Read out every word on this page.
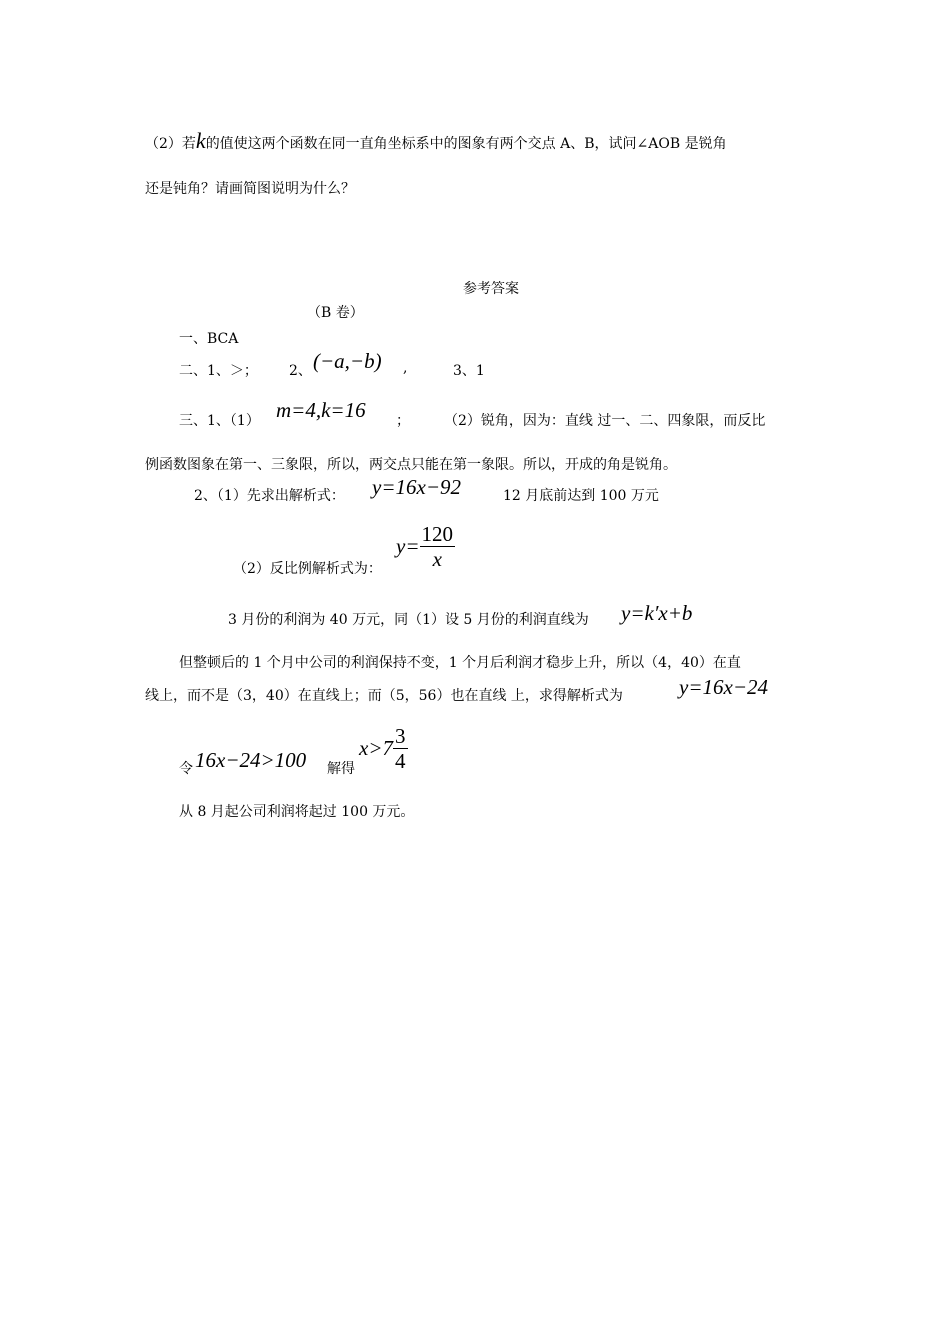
（2）若k的值使这两个函数在同一直角坐标系中的图象有两个交点 A、B，试问∠AOB 是锐角
还是钝角？请画简图说明为什么？
参考答案
（B 卷）
一、BCA
二、1、＞； 2、 (−a,−b) ,	3、1
三、1、（1） m=4,k=16 ； （2）锐角，因为：直线 过一、二、四象限，而反比
例函数图象在第一、三象限，所以，两交点只能在第一象限。所以，开成的角是锐角。
2、（1）先求出解析式： y=16x−92	12 月底前达到 100 万元
（2）反比例解析式为：
$y= \frac{120}{x}$
3 月份的利润为 40 万元，同（1）设 5 月份的利润直线为 y=k′x+b
但整顿后的 1 个月中公司的利润保持不变，1 个月后利润才稳步上升，所以（4，40）在直
线上，而不是（3，40）在直线上；而（5，56）也在直线 上，求得解析式为	y=16x−24
令 16x−24>100 解得
$x>7 \frac{3}{4}$
从 8 月起公司利润将起过 100 万元。
